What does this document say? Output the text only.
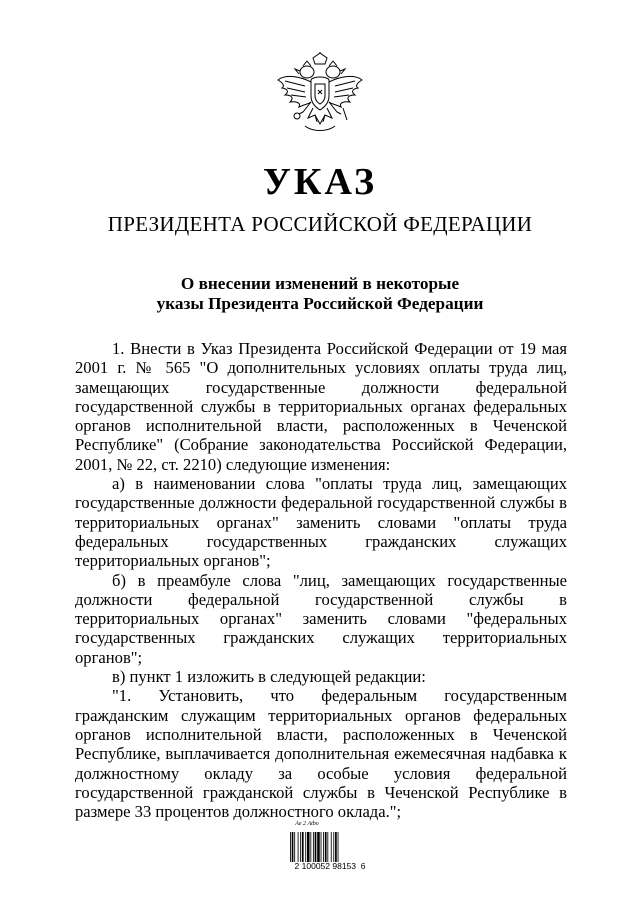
УКАЗ
ПРЕЗИДЕНТА РОССИЙСКОЙ ФЕДЕРАЦИИ
О внесении изменений в некоторые
указы Президента Российской Федерации

1. Внести в Указ Президента Российской Федерации от 19 мая 2001 г. № 565 "О дополнительных условиях оплаты труда лиц, замещающих государственные должности федеральной государственной службы в территориальных органах федеральных органов исполнительной власти, расположенных в Чеченской Республике" (Собрание законодательства Российской Федерации, 2001, № 22, ст. 2210) следующие изменения:

а) в наименовании слова "оплаты труда лиц, замещающих государственные должности федеральной государственной службы в территориальных органах" заменить словами "оплаты труда федеральных государственных гражданских служащих территориальных органов";

б) в преамбуле слова "лиц, замещающих государственные должности федеральной государственной службы в территориальных органах" заменить словами "федеральных государственных гражданских служащих территориальных органов";

в) пункт 1 изложить в следующей редакции:

"1. Установить, что федеральным государственным гражданским служащим территориальных органов федеральных органов исполнительной власти, расположенных в Чеченской Республике, выплачивается дополнительная ежемесячная надбавка к должностному окладу за особые условия федеральной государственной гражданской службы в Чеченской Республике в размере 33 процентов должностного оклада.";

Ae 2 Atbo
2 100052 98153  6
